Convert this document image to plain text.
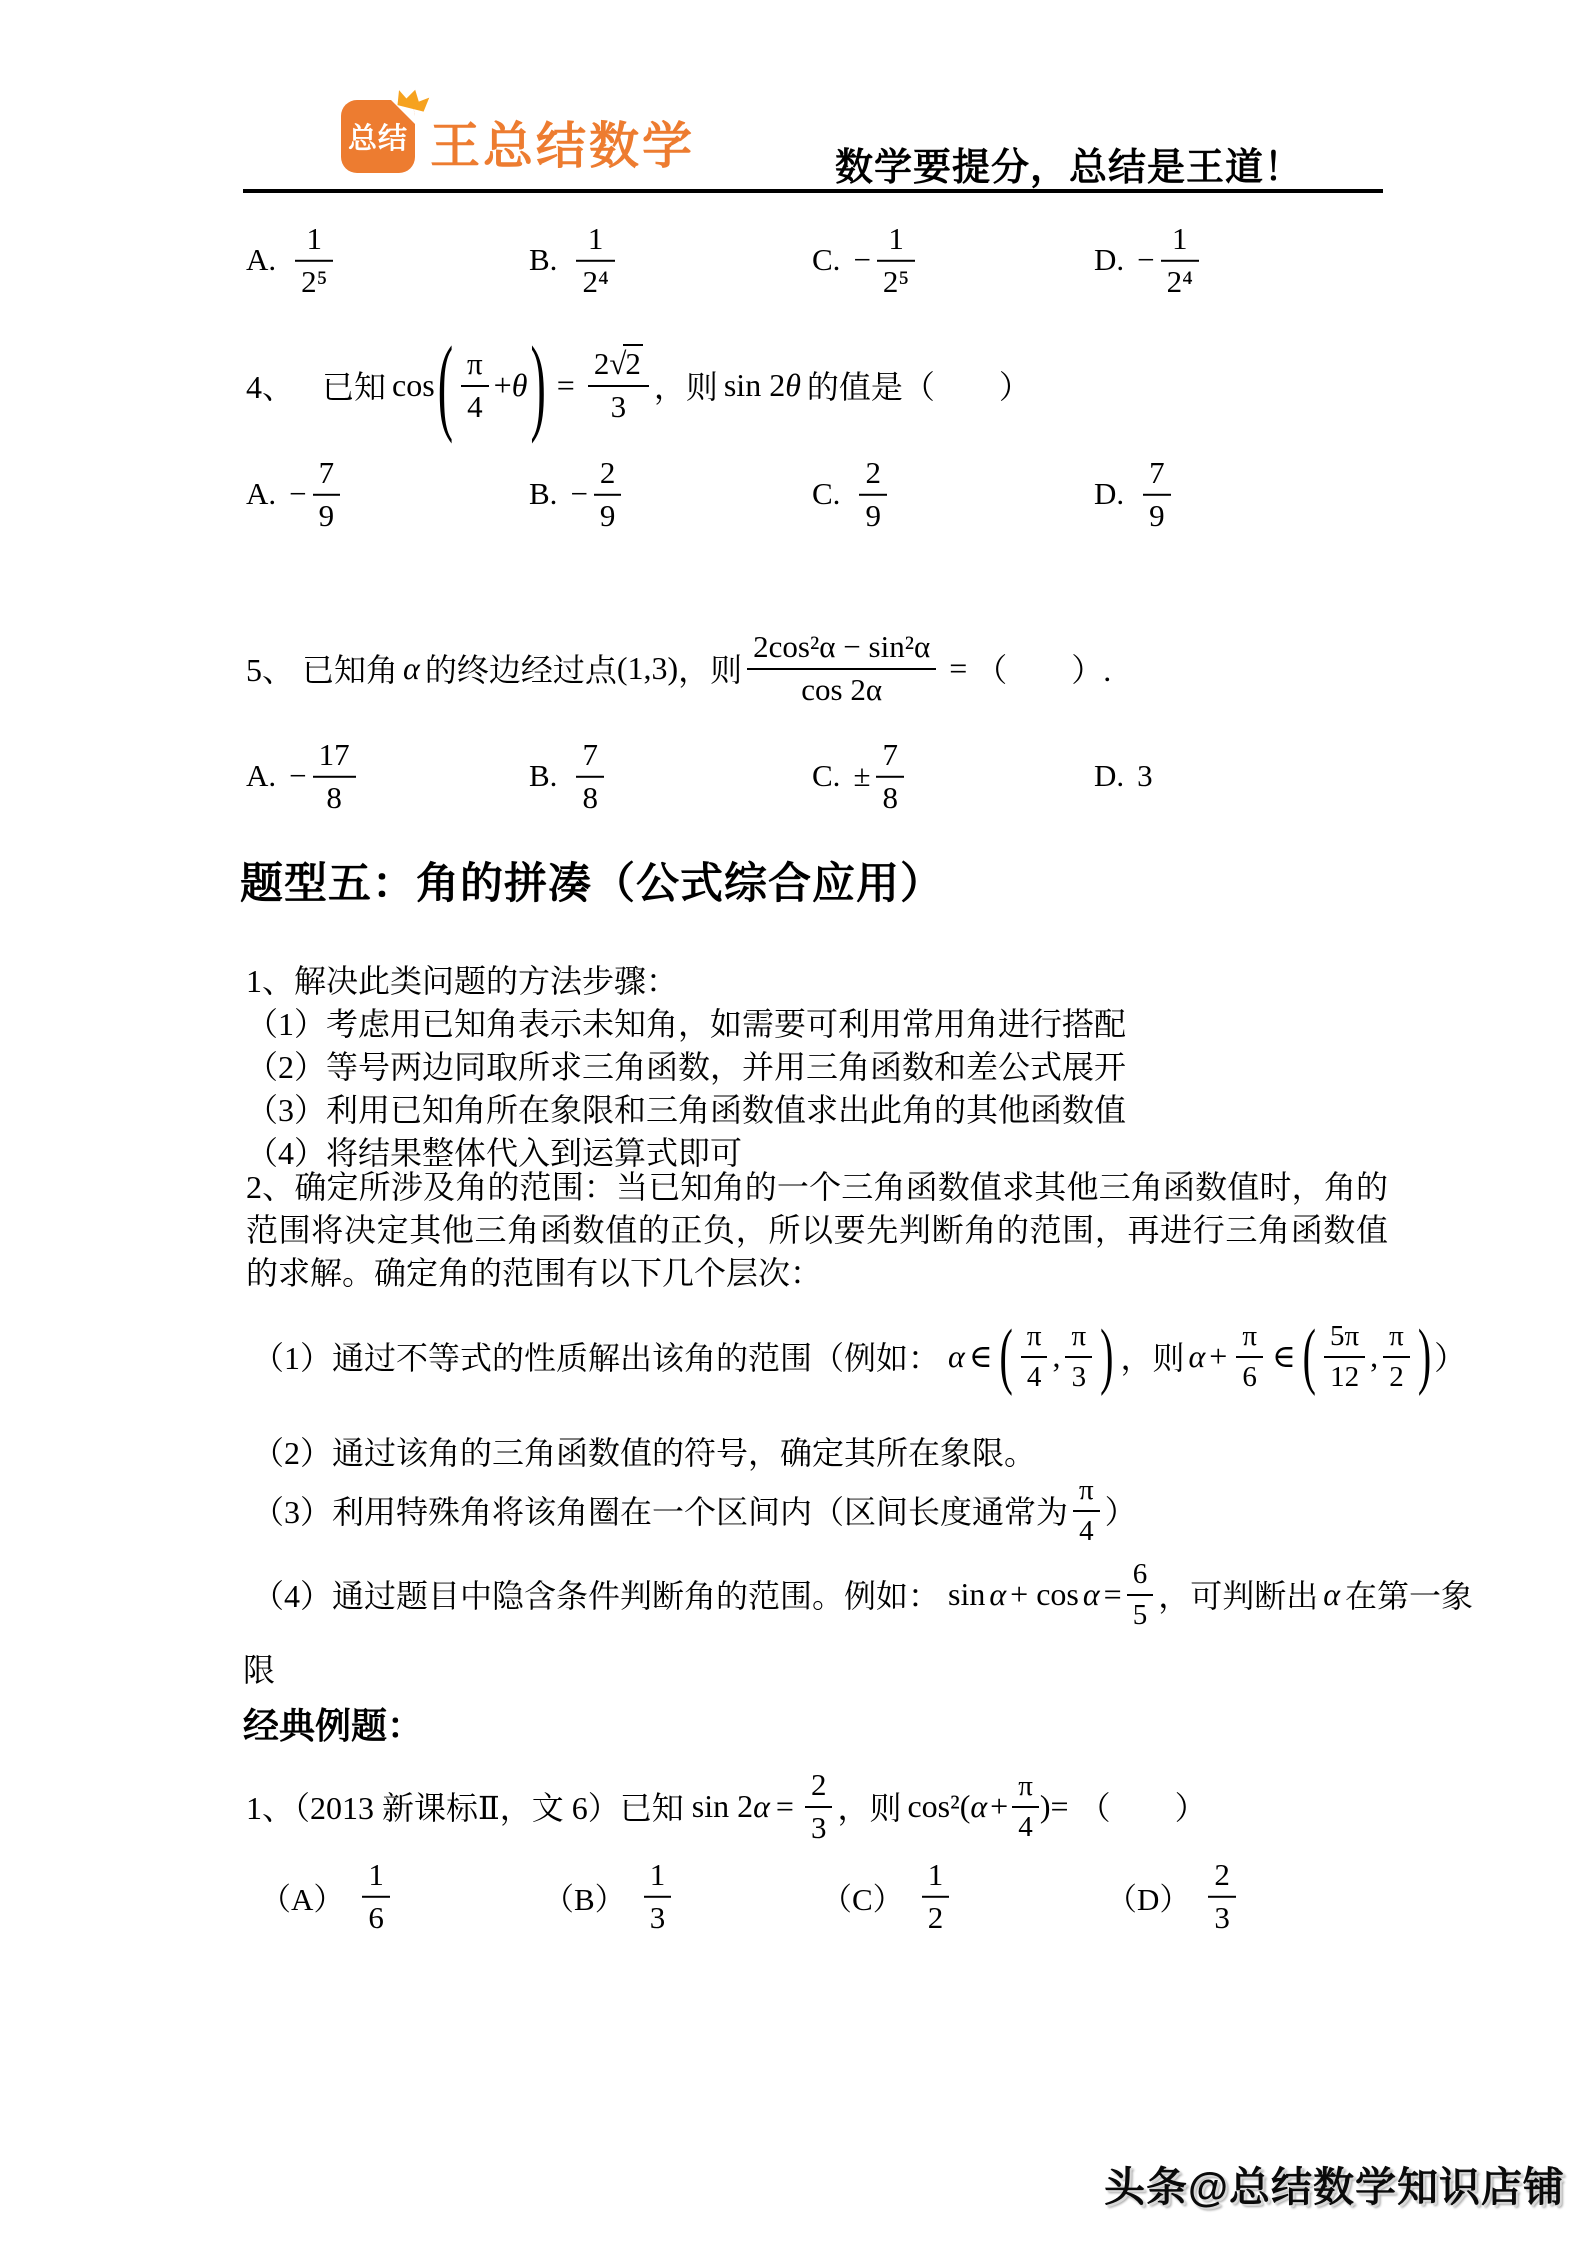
总结 王总结数学	数学要提分，总结是王道！
A. $\frac{1}{\text{2⁵}}$	B. $\frac{1}{\text{2⁴}}$	C. − $\frac{1}{\text{2⁵}}$	D. − $\frac{1}{\text{2⁴}}$
4、 已知 cos ( $\frac{\pi}{4} + \theta$ ) = $\frac{2√2}{3}$ ，则 sin 2 θ 的值是（　　）
A. − $\frac{7}{9}$	B. − $\frac{2}{9}$	C. $\frac{2}{9}$	D. $\frac{7}{9}$
5、 已知角 α 的终边经过点 (1,3) ，则 $\frac{\text{2cos²α − sin²α}}{\cos 2\alpha}$ = （　　）.
A. − $\frac{17}{8}$	B. $\frac{7}{8}$	C. ± $\frac{7}{8}$	D. 3
题型五：角的拼凑（公式综合应用）
1、解决此类问题的方法步骤：
（1）考虑用已知角表示未知角，如需要可利用常用角进行搭配
（2）等号两边同取所求三角函数，并用三角函数和差公式展开
（3）利用已知角所在象限和三角函数值求出此角的其他函数值
（4）将结果整体代入到运算式即可
2、确定所涉及角的范围：当已知角的一个三角函数值求其他三角函数值时，角的范围将决定其他三角函数值的正负，所以要先判断角的范围，再进行三角函数值的求解。确定角的范围有以下几个层次：
（1）通过不等式的性质解出该角的范围（例如： α ∈ ( $\frac{\pi}{4}$ , $\frac{\pi}{3}$ ) ，则 $\alpha + \frac{\pi}{6}$ ∈ ( $\frac{5\pi}{12}$ , $\frac{\pi}{2}$ ) ）
（2）通过该角的三角函数值的符号，确定其所在象限。
（3）利用特殊角将该角圈在一个区间内（区间长度通常为 $\frac{\pi}{4}$ ）
（4）通过题目中隐含条件判断角的范围。例如： $\sin \alpha + \cos \alpha = \frac{6}{5}$ ，可判断出 α 在第一象
限
经典例题：
1、（2013 新课标Ⅱ，文 6）已知 sin 2 $\alpha = \frac{2}{3}$ ，则 cos²( $\alpha + \frac{\pi}{4}$ )= （　　）
$(A) \frac{1}{6}$	$(B) \frac{1}{3}$	$(C) \frac{1}{2}$	$(D) \frac{2}{3}$
头条@总结数学知识店铺
